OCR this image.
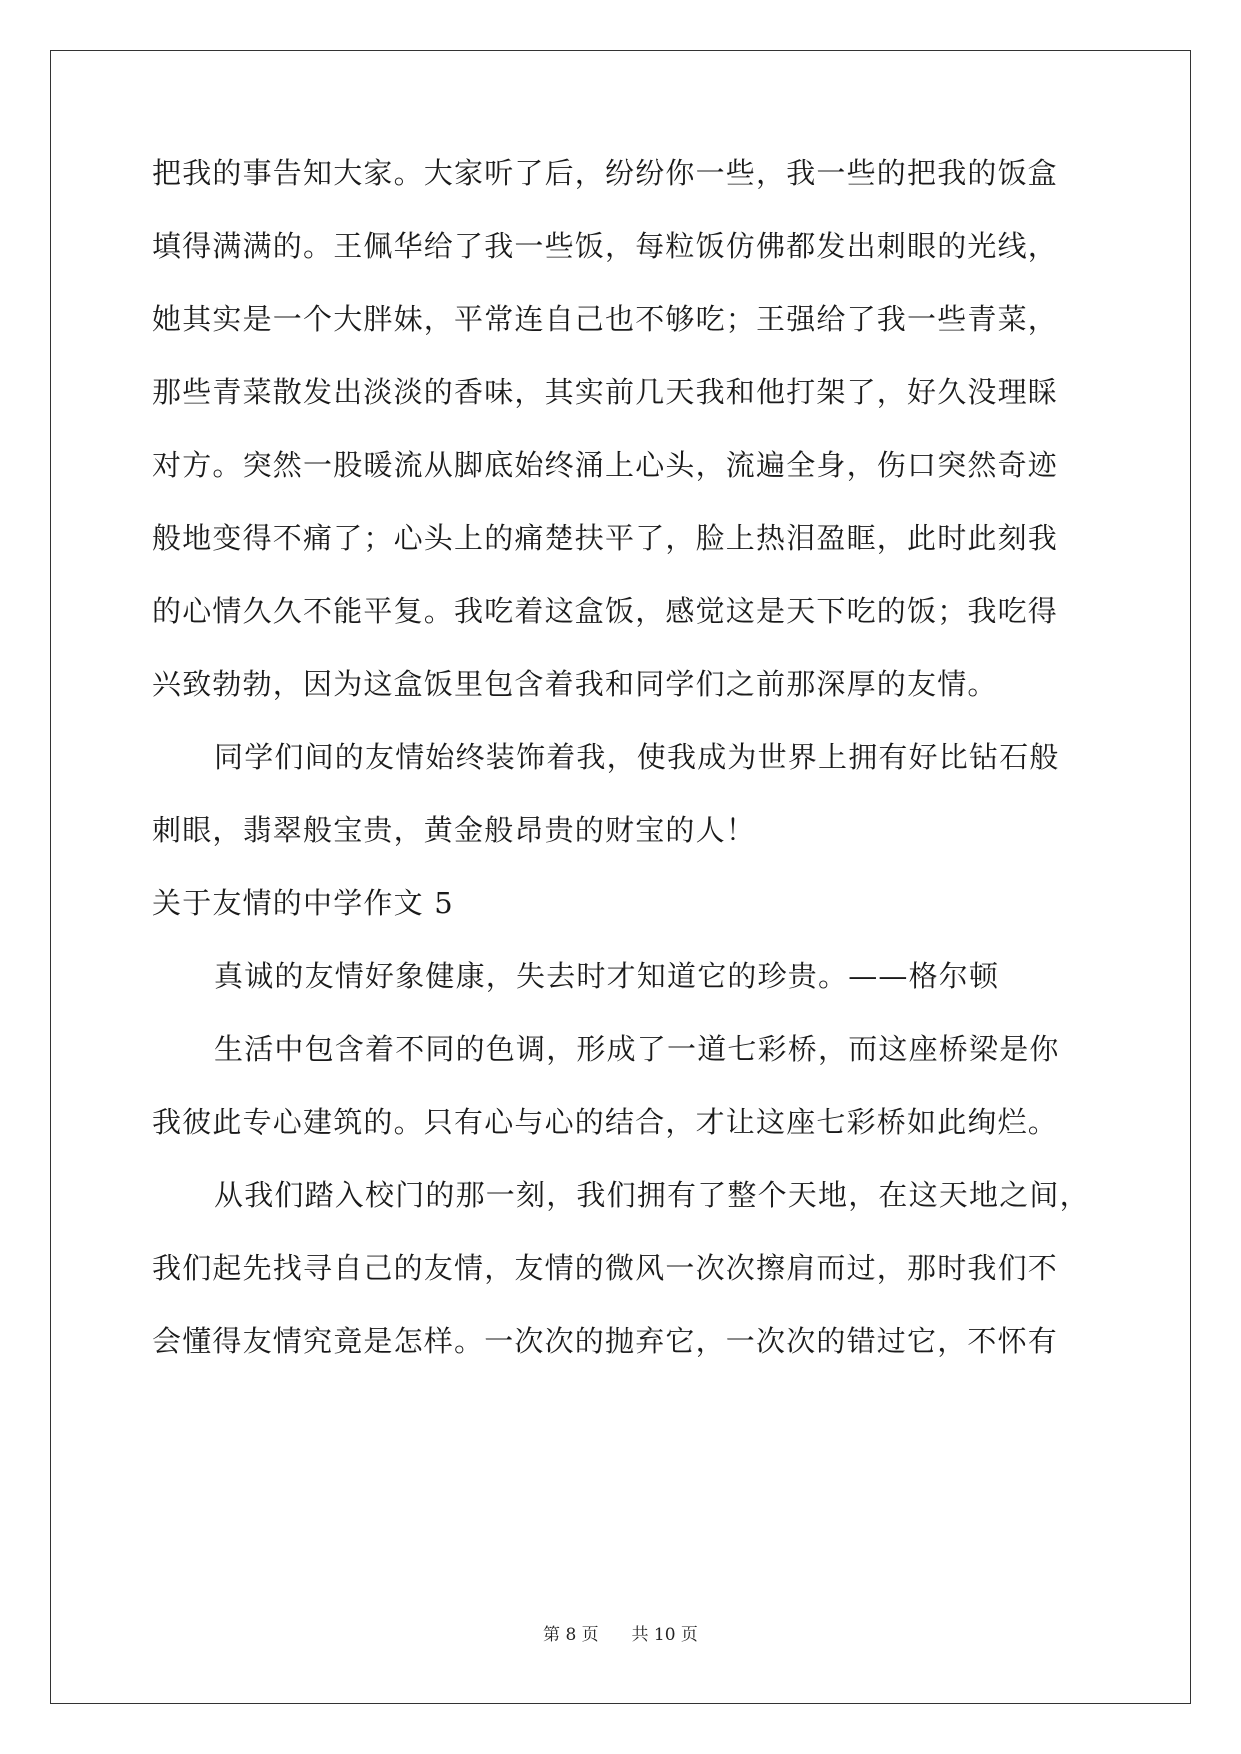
把我的事告知大家。大家听了后，纷纷你一些，我一些的把我的饭盒
填得满满的。王佩华给了我一些饭，每粒饭仿佛都发出刺眼的光线，
她其实是一个大胖妹，平常连自己也不够吃；王强给了我一些青菜，
那些青菜散发出淡淡的香味，其实前几天我和他打架了，好久没理睬
对方。突然一股暖流从脚底始终涌上心头，流遍全身，伤口突然奇迹
般地变得不痛了；心头上的痛楚扶平了，脸上热泪盈眶，此时此刻我
的心情久久不能平复。我吃着这盒饭，感觉这是天下吃的饭；我吃得
兴致勃勃，因为这盒饭里包含着我和同学们之前那深厚的友情。
同学们间的友情始终装饰着我，使我成为世界上拥有好比钻石般
刺眼，翡翠般宝贵，黄金般昂贵的财宝的人！
关于友情的中学作文 5
真诚的友情好象健康，失去时才知道它的珍贵。——格尔顿
生活中包含着不同的色调，形成了一道七彩桥，而这座桥梁是你
我彼此专心建筑的。只有心与心的结合，才让这座七彩桥如此绚烂。
从我们踏入校门的那一刻，我们拥有了整个天地，在这天地之间，
我们起先找寻自己的友情，友情的微风一次次擦肩而过，那时我们不
会懂得友情究竟是怎样。一次次的抛弃它，一次次的错过它，不怀有
第 8 页 共 10 页
